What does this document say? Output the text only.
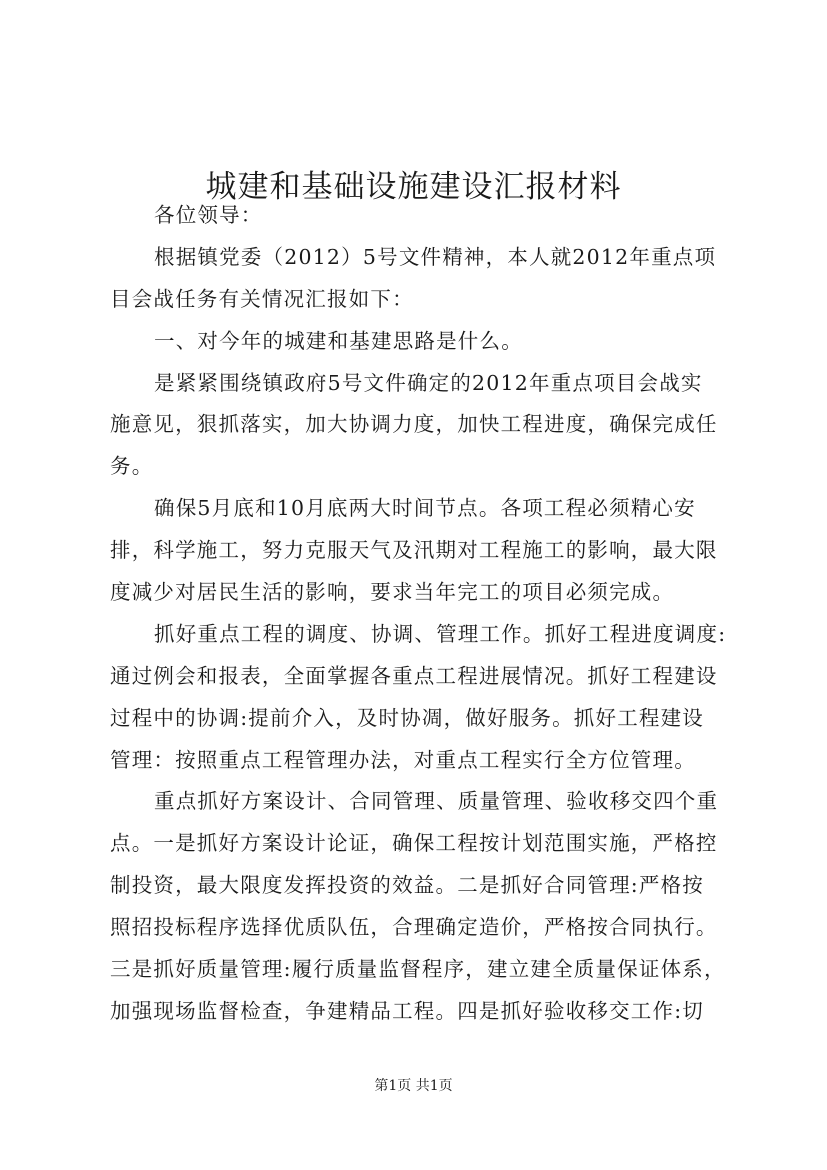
城建和基础设施建设汇报材料
各位领导：
根据镇党委（2012）5号文件精神，本人就2012年重点项
目会战任务有关情况汇报如下：
一、对今年的城建和基建思路是什么。
是紧紧围绕镇政府5号文件确定的2012年重点项目会战实
施意见，狠抓落实，加大协调力度，加快工程进度，确保完成任
务。
确保5月底和10月底两大时间节点。各项工程必须精心安
排，科学施工，努力克服天气及汛期对工程施工的影响，最大限
度减少对居民生活的影响，要求当年完工的项目必须完成。
抓好重点工程的调度、协调、管理工作。抓好工程进度调度:
通过例会和报表，全面掌握各重点工程进展情况。抓好工程建设
过程中的协调:提前介入，及时协凋，做好服务。抓好工程建设
管理：按照重点工程管理办法，对重点工程实行全方位管理。
重点抓好方案设计、合同管理、质量管理、验收移交四个重
点。一是抓好方案设计论证，确保工程按计划范围实施，严格控
制投资，最大限度发挥投资的效益。二是抓好合同管理:严格按
照招投标程序选择优质队伍，合理确定造价，严格按合同执行。
三是抓好质量管理:履行质量监督程序，建立建全质量保证体系，
加强现场监督检查，争建精品工程。四是抓好验收移交工作:切
第1页 共1页
